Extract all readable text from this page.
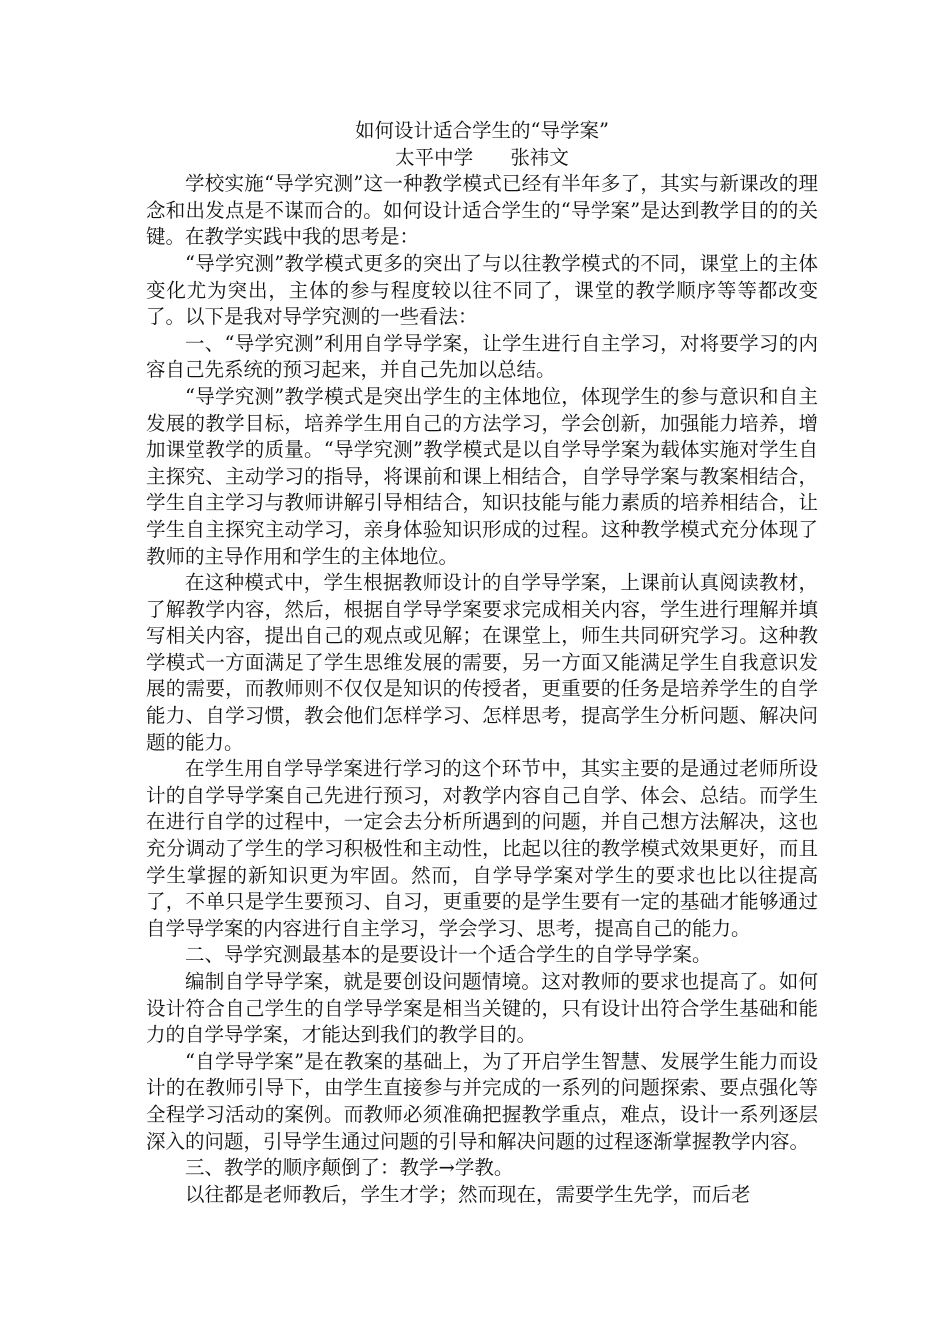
如何设计适合学生的“导学案”

太平中学      张祎文

学校实施“导学究测”这一种教学模式已经有半年多了，其实与新课改的理念和出发点是不谋而合的。如何设计适合学生的“导学案”是达到教学目的的关键。在教学实践中我的思考是：

“导学究测”教学模式更多的突出了与以往教学模式的不同，课堂上的主体变化尤为突出，主体的参与程度较以往不同了，课堂的教学顺序等等都改变了。以下是我对导学究测的一些看法：

一、“导学究测”利用自学导学案，让学生进行自主学习，对将要学习的内容自己先系统的预习起来，并自己先加以总结。

“导学究测”教学模式是突出学生的主体地位，体现学生的参与意识和自主发展的教学目标，培养学生用自己的方法学习，学会创新，加强能力培养，增加课堂教学的质量。“导学究测”教学模式是以自学导学案为载体实施对学生自主探究、主动学习的指导，将课前和课上相结合，自学导学案与教案相结合，学生自主学习与教师讲解引导相结合，知识技能与能力素质的培养相结合，让学生自主探究主动学习，亲身体验知识形成的过程。这种教学模式充分体现了教师的主导作用和学生的主体地位。

在这种模式中，学生根据教师设计的自学导学案，上课前认真阅读教材，了解教学内容，然后，根据自学导学案要求完成相关内容，学生进行理解并填写相关内容，提出自己的观点或见解；在课堂上，师生共同研究学习。这种教学模式一方面满足了学生思维发展的需要，另一方面又能满足学生自我意识发展的需要，而教师则不仅仅是知识的传授者，更重要的任务是培养学生的自学能力、自学习惯，教会他们怎样学习、怎样思考，提高学生分析问题、解决问题的能力。

在学生用自学导学案进行学习的这个环节中，其实主要的是通过老师所设计的自学导学案自己先进行预习，对教学内容自己自学、体会、总结。而学生在进行自学的过程中，一定会去分析所遇到的问题，并自己想方法解决，这也充分调动了学生的学习积极性和主动性，比起以往的教学模式效果更好，而且学生掌握的新知识更为牢固。然而，自学导学案对学生的要求也比以往提高了，不单只是学生要预习、自习，更重要的是学生要有一定的基础才能够通过自学导学案的内容进行自主学习，学会学习、思考，提高自己的能力。

二、导学究测最基本的是要设计一个适合学生的自学导学案。

编制自学导学案，就是要创设问题情境。这对教师的要求也提高了。如何设计符合自己学生的自学导学案是相当关键的，只有设计出符合学生基础和能力的自学导学案，才能达到我们的教学目的。

“自学导学案”是在教案的基础上，为了开启学生智慧、发展学生能力而设计的在教师引导下，由学生直接参与并完成的一系列的问题探索、要点强化等全程学习活动的案例。而教师必须准确把握教学重点，难点，设计一系列逐层深入的问题，引导学生通过问题的引导和解决问题的过程逐渐掌握教学内容。

三、教学的顺序颠倒了：教学→学教。

以往都是老师教后，学生才学；然而现在，需要学生先学，而后老
